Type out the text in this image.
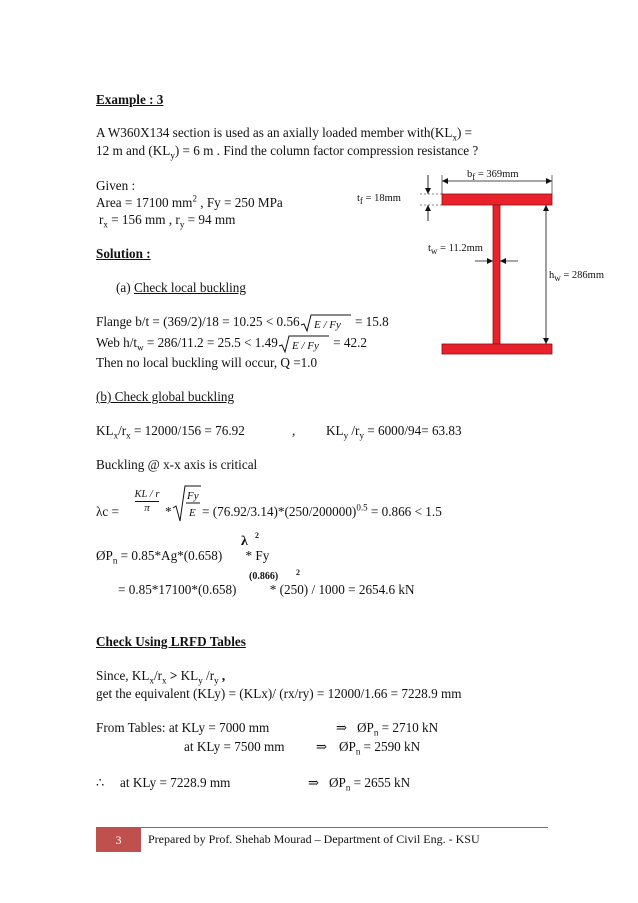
Example : 3
A W360X134 section is used as an axially loaded member $with(KL_x)$ =
12 m and $(KL_y) = 6$ m . Find the column factor compression resistance ?
Given :
Area = 17100 $mm^2$ , Fy = 250 MPa
$r_x = 156$ mm , $r_y = 94$ mm
Solution :
(a) Check local buckling
Flange b/t = (369/2)/18 = 10.25 < 0.56 E / Fy = 15.8
Web $h/t_w = 286/11.2 = 25.5 < 1.49$ E / Fy = 42.2
Then no local buckling will occur, Q =1.0
(b) Check global buckling
$KL_x/r_x = 12000/156 = 76.92$	, $KL_y$ $/r_y = 6000/94= 63.83$
Buckling @ x-x axis is critical
$\lambda c = \frac{KL / r}{\pi}$ *
Fy
$E = (76.92/3.14)*(250/200000)^{0.5} = 0.866 < 1.5$
λ 2
$ØP_n = 0.85*Ag*(0.658) * Fy$
(0.866) 2
= 0.85*17100*(0.658) * (250) / 1000 = 2654.6 kN
Check Using LRFD Tables
Since, $KL_x/r_x > KL_y$ $/r_y$ ,
get the equivalent (KLy) = (KLx)/ (rx/ry) = 12000/1.66 = 7228.9 mm
From Tables: at KLy = 7000 mm	⇒ $ØP_n = 2710$ kN
at KLy = 7500 mm ⇒ $ØP_n = 2590$ kN
∴ at KLy = 7228.9 mm	⇒ $ØP_n = 2655$ kN
$b_f = 369mm$
$t_f = 18mm$
$t_w = 11.2mm$
$h_w = 286mm$
3	Prepared by Prof. Shehab Mourad – Department of Civil Eng. - KSU
